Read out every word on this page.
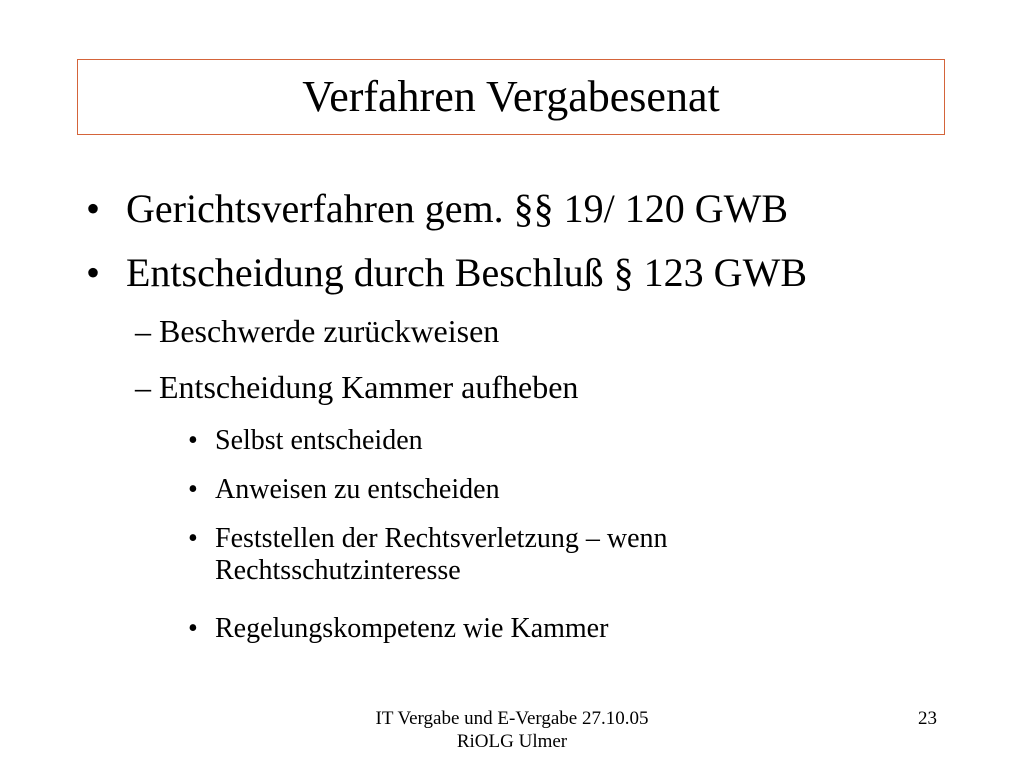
Verfahren Vergabesenat
• Gerichtsverfahren gem. §§ 19/ 120 GWB
• Entscheidung durch Beschluß § 123 GWB
– Beschwerde zurückweisen
– Entscheidung Kammer aufheben
• Selbst entscheiden
• Anweisen zu entscheiden
• Feststellen der Rechtsverletzung – wenn
Rechtsschutzinteresse
• Regelungskompetenz wie Kammer
IT Vergabe und E-Vergabe 27.10.05
RiOLG Ulmer
23
